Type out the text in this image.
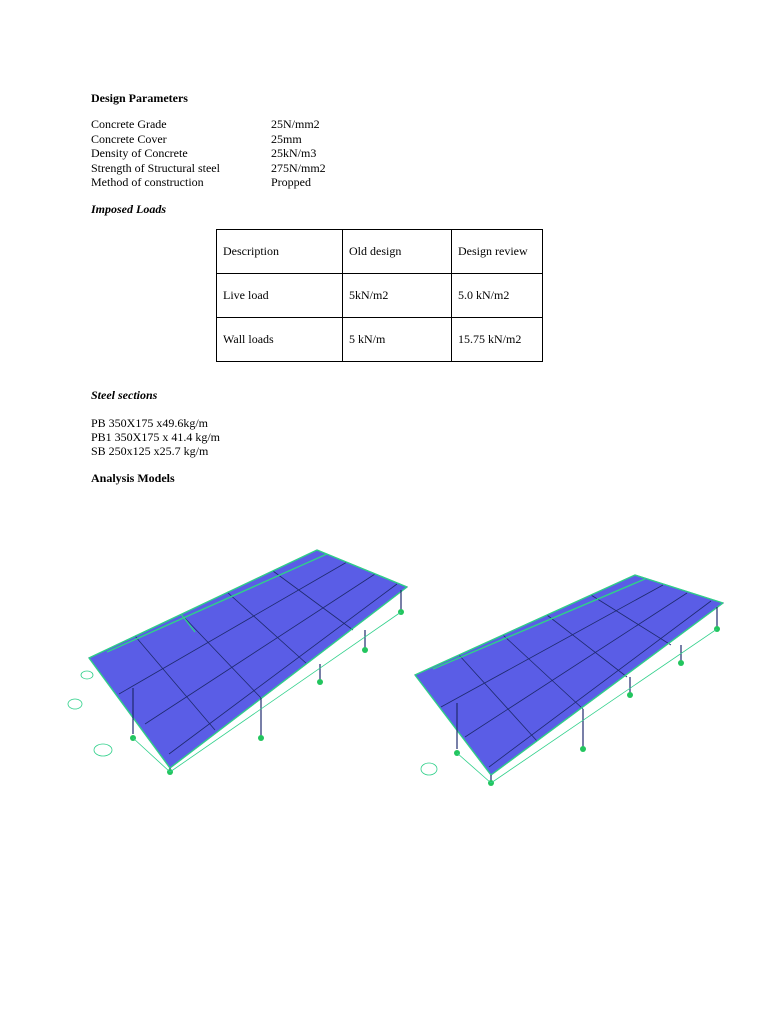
Design Parameters
Concrete Grade	25N/mm2
Concrete Cover	25mm
Density of Concrete	25kN/m3
Strength of Structural steel	275N/mm2
Method of construction	Propped
Imposed Loads
Description	Old design	Design review
Live load	5kN/m2	5.0 kN/m2
Wall loads	5 kN/m	15.75 kN/m2
Steel sections
PB 350X175 x49.6kg/m
PB1 350X175 x 41.4 kg/m
SB 250x125 x25.7 kg/m
Analysis Models
